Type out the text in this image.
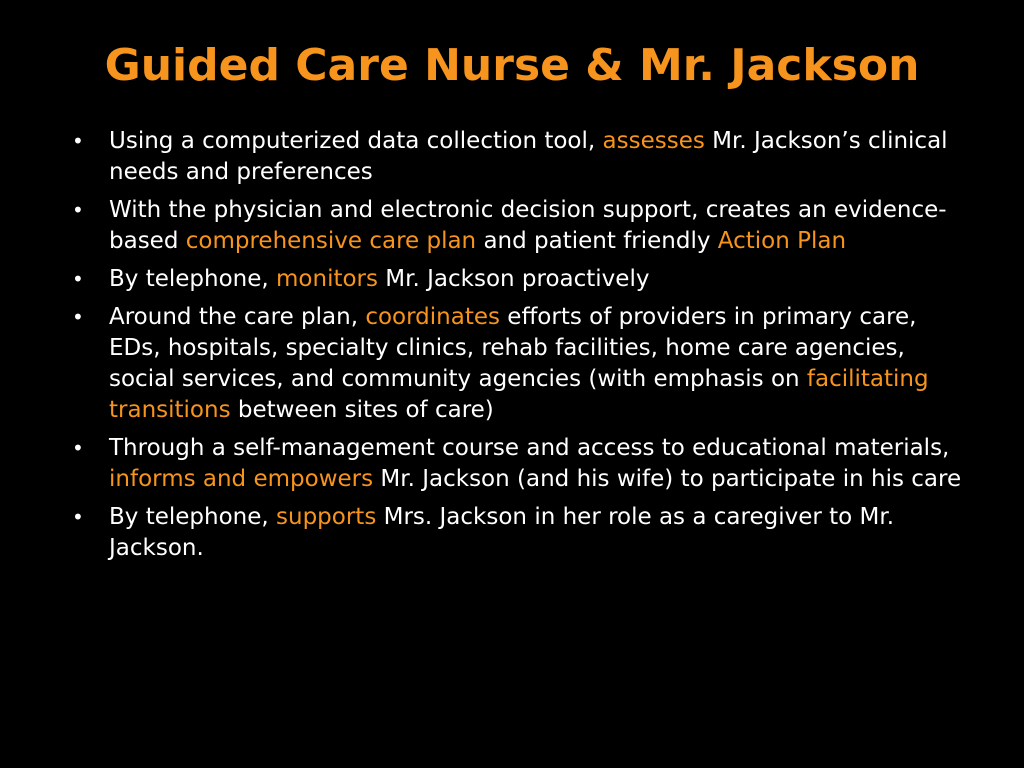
Guided Care Nurse & Mr. Jackson
•	Using a computerized data collection tool, assesses Mr. Jackson’s clinical needs and preferences
•	With the physician and electronic decision support, creates an evidence-based comprehensive care plan and patient friendly Action Plan
•	By telephone, monitors Mr. Jackson proactively
•	Around the care plan, coordinates efforts of providers in primary care, EDs, hospitals, specialty clinics, rehab facilities, home care agencies, social services, and community agencies (with emphasis on facilitating transitions between sites of care)
•	Through a self-management course and access to educational materials, informs and empowers Mr. Jackson (and his wife) to participate in his care
•	By telephone, supports Mrs. Jackson in her role as a caregiver to Mr. Jackson.
